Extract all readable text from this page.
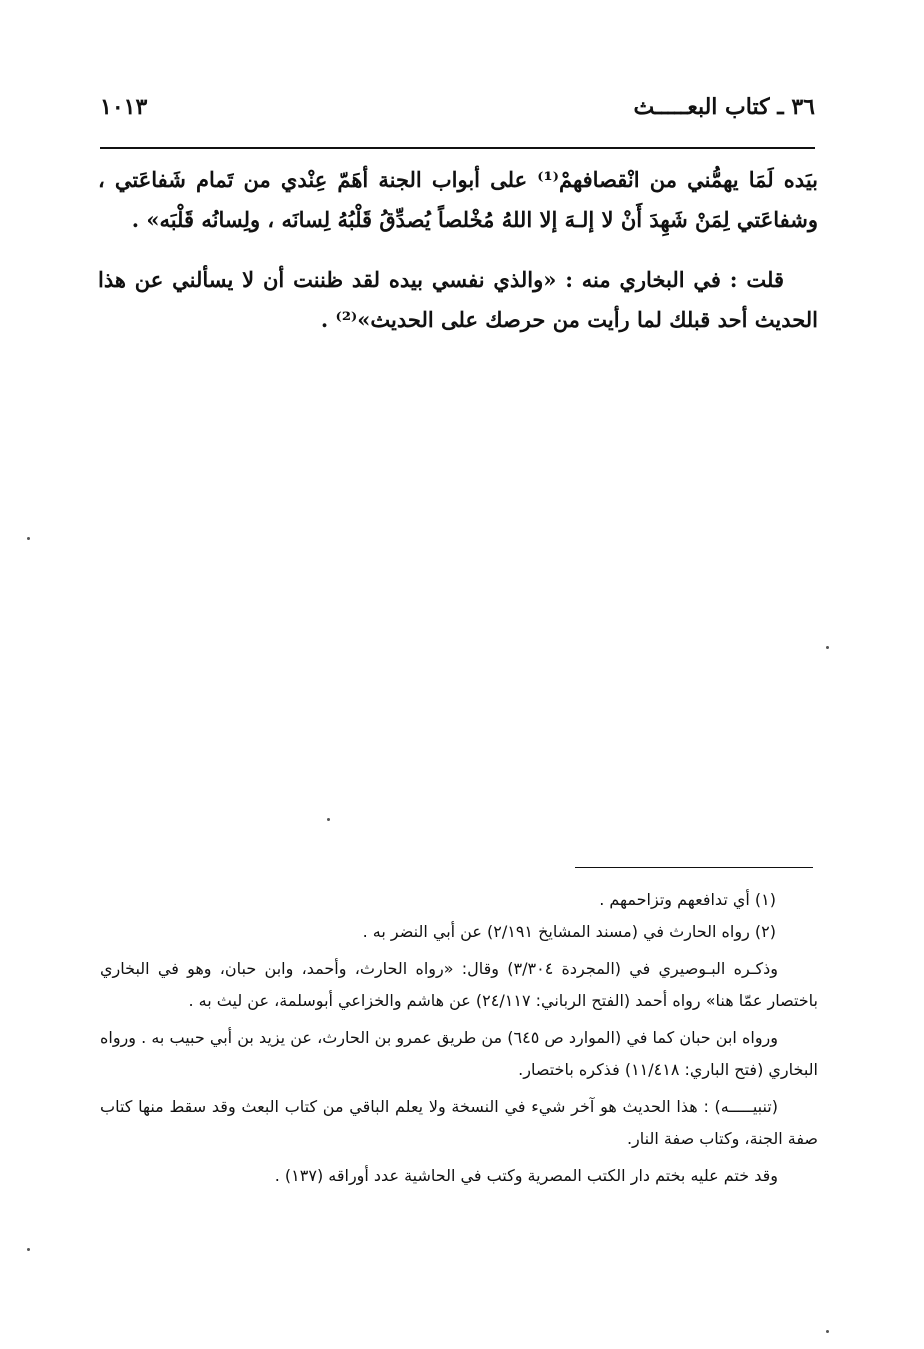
٣٦ ـ كتاب البعـــــث
١٠١٣

بيَده لَمَا يهمُّني من انْقصافهمْ⁽¹⁾ على أبواب الجنة أهَمّ عِنْدي من تَمام شَفاعَتي ، وشفاعَتي لِمَنْ شَهِدَ أَنْ لا إلـهَ إلا اللهُ مُخْلصاً يُصدِّقُ قَلْبُهُ لِسانَه ، ولِسانُه قَلْبَه» .

قلت : في البخاري منه : «والذي نفسي بيده لقد ظننت أن لا يسألني عن هذا الحديث أحد قبلك لما رأيت من حرصك على الحديث»⁽²⁾ .

(١) أي تدافعهم وتزاحمهم .

(٢) رواه الحارث في (مسند المشايخ ٢/١٩١) عن أبي النضر به .

وذكـره البـوصيري في (المجردة ٣/٣٠٤) وقال: «رواه الحارث، وأحمد، وابن حبان، وهو في البخاري باختصار عمّا هنا» رواه أحمد (الفتح الرباني: ٢٤/١١٧) عن هاشم والخزاعي أبوسلمة، عن ليث به .

ورواه ابن حبان كما في (الموارد ص ٦٤٥) من طريق عمرو بن الحارث، عن يزيد بن أبي حبيب به . ورواه البخاري (فتح الباري: ١١/٤١٨) فذكره باختصار.

(تنبيـــــه) : هذا الحديث هو آخر شيء في النسخة ولا يعلم الباقي من كتاب البعث وقد سقط منها كتاب صفة الجنة، وكتاب صفة النار.

وقد ختم عليه بختم دار الكتب المصرية وكتب في الحاشية عدد أوراقه (١٣٧) .
